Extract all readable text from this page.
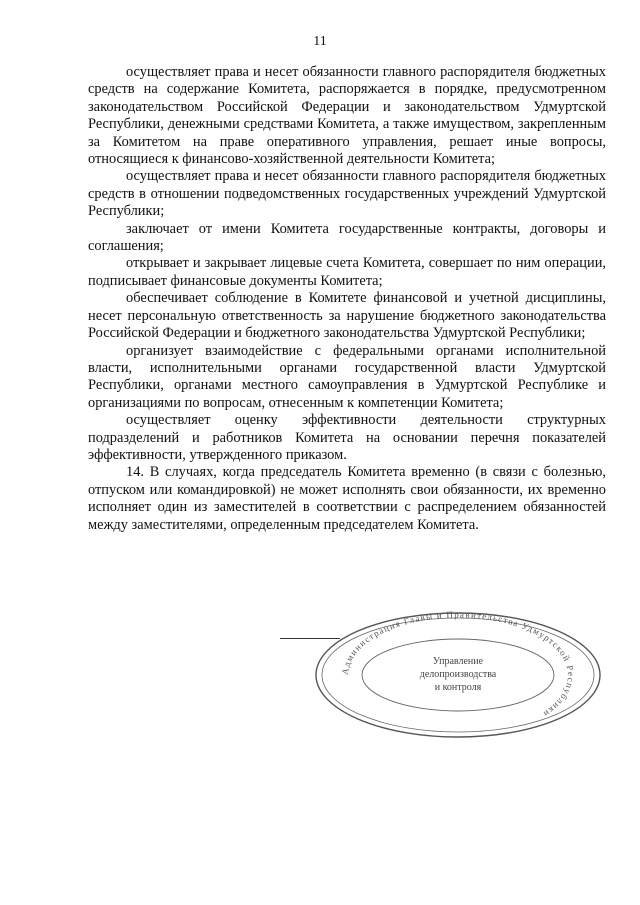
11

осуществляет права и несет обязанности главного распорядителя бюджетных средств на содержание Комитета, распоряжается в порядке, предусмотренном законодательством Российской Федерации и законодательством Удмуртской Республики, денежными средствами Комитета, а также имуществом, закрепленным за Комитетом на праве оперативного управления, решает иные вопросы, относящиеся к финансово-хозяйственной деятельности Комитета;

осуществляет права и несет обязанности главного распорядителя бюджетных средств в отношении подведомственных государственных учреждений Удмуртской Республики;

заключает от имени Комитета государственные контракты, договоры и соглашения;

открывает и закрывает лицевые счета Комитета, совершает по ним операции, подписывает финансовые документы Комитета;

обеспечивает соблюдение в Комитете финансовой и учетной дисциплины, несет персональную ответственность за нарушение бюджетного законодательства Российской Федерации и бюджетного законодательства Удмуртской Республики;

организует взаимодействие с федеральными органами исполнительной власти, исполнительными органами государственной власти Удмуртской Республики, органами местного самоуправления в Удмуртской Республике и организациями по вопросам, отнесенным к компетенции Комитета;

осуществляет оценку эффективности деятельности структурных подразделений и работников Комитета на основании перечня показателей эффективности, утвержденного приказом.

14. В случаях, когда председатель Комитета временно (в связи с болезнью, отпуском или командировкой) не может исполнять свои обязанности, их временно исполняет один из заместителей в соответствии с распределением обязанностей между заместителями, определенным председателем Комитета.

Администрация Главы и Правительства Удмуртской Республики
Управление
делопроизводства
и контроля
